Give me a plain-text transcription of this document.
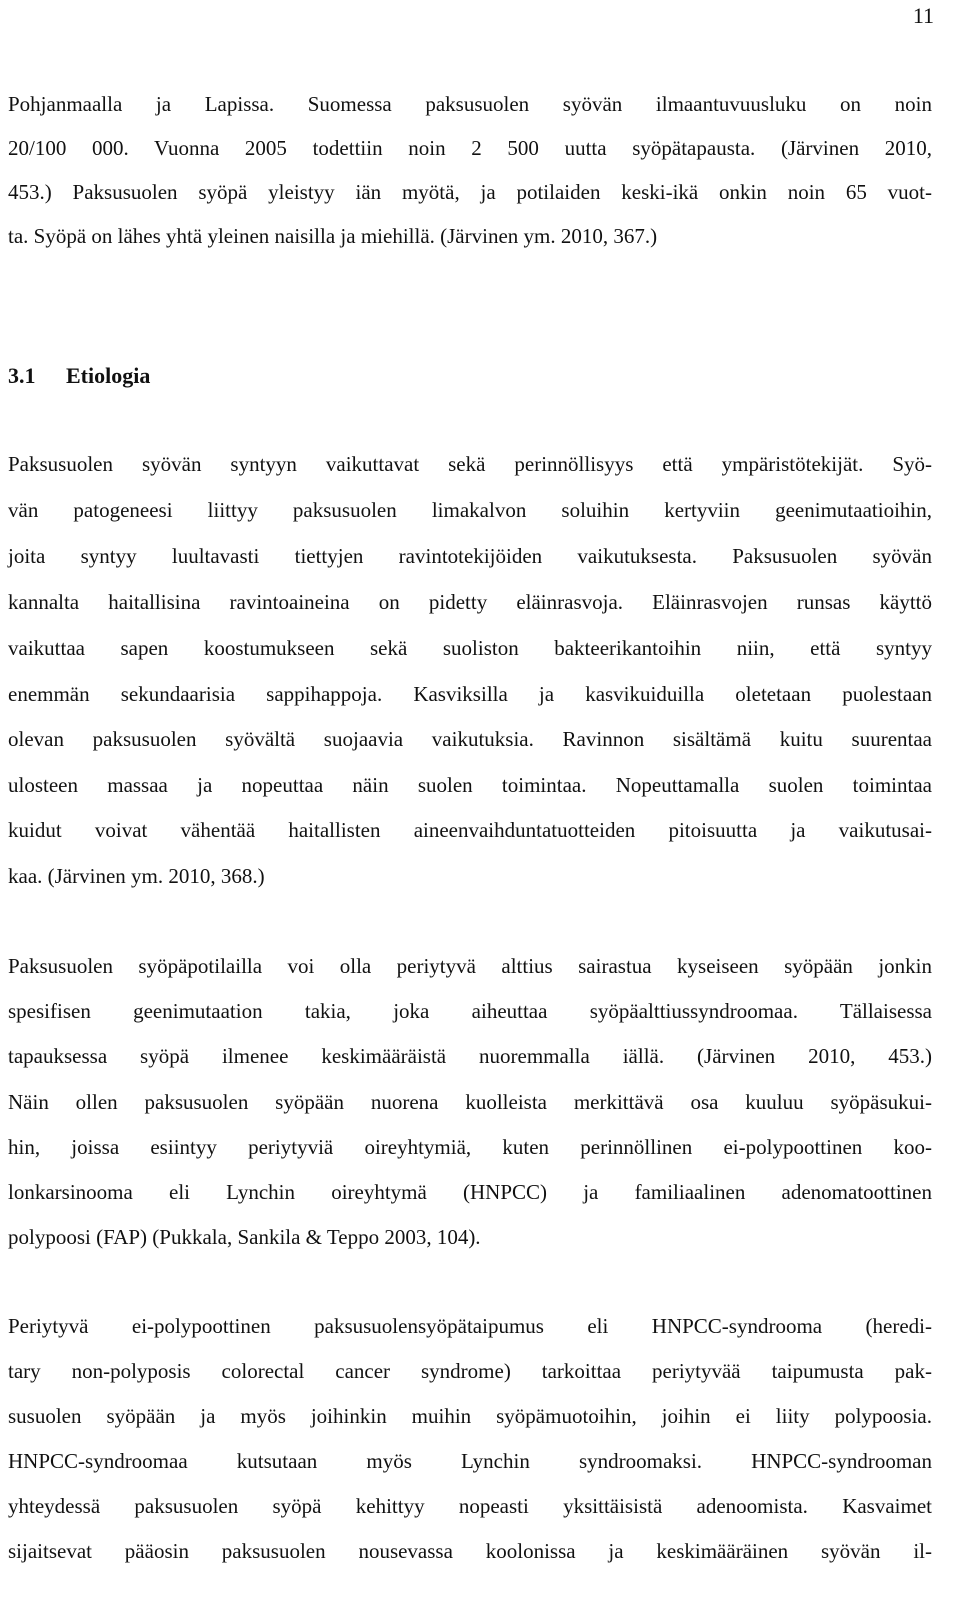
11
Pohjanmaalla ja Lapissa. Suomessa paksusuolen syövän ilmaantuvuusluku on noin
20/100 000. Vuonna 2005 todettiin noin 2 500 uutta syöpätapausta. (Järvinen 2010,
453.) Paksusuolen syöpä yleistyy iän myötä, ja potilaiden keski-ikä onkin noin 65 vuot-
ta. Syöpä on lähes yhtä yleinen naisilla ja miehillä. (Järvinen ym. 2010, 367.)
3.1 Etiologia
Paksusuolen syövän syntyyn vaikuttavat sekä perinnöllisyys että ympäristötekijät. Syö-
vän patogeneesi liittyy paksusuolen limakalvon soluihin kertyviin geenimutaatioihin,
joita syntyy luultavasti tiettyjen ravintotekijöiden vaikutuksesta. Paksusuolen syövän
kannalta haitallisina ravintoaineina on pidetty eläinrasvoja. Eläinrasvojen runsas käyttö
vaikuttaa sapen koostumukseen sekä suoliston bakteerikantoihin niin, että syntyy
enemmän sekundaarisia sappihappoja. Kasviksilla ja kasvikuiduilla oletetaan puolestaan
olevan paksusuolen syövältä suojaavia vaikutuksia. Ravinnon sisältämä kuitu suurentaa
ulosteen massaa ja nopeuttaa näin suolen toimintaa. Nopeuttamalla suolen toimintaa
kuidut voivat vähentää haitallisten aineenvaihduntatuotteiden pitoisuutta ja vaikutusai-
kaa. (Järvinen ym. 2010, 368.)
Paksusuolen syöpäpotilailla voi olla periytyvä alttius sairastua kyseiseen syöpään jonkin
spesifisen geenimutaation takia, joka aiheuttaa syöpäalttiussyndroomaa. Tällaisessa
tapauksessa syöpä ilmenee keskimääräistä nuoremmalla iällä. (Järvinen 2010, 453.)
Näin ollen paksusuolen syöpään nuorena kuolleista merkittävä osa kuuluu syöpäsukui-
hin, joissa esiintyy periytyviä oireyhtymiä, kuten perinnöllinen ei-polypoottinen koo-
lonkarsinooma eli Lynchin oireyhtymä (HNPCC) ja familiaalinen adenomatoottinen
polypoosi (FAP) (Pukkala, Sankila & Teppo 2003, 104).
Periytyvä ei-polypoottinen paksusuolensyöpätaipumus eli HNPCC-syndrooma (heredi-
tary non-polyposis colorectal cancer syndrome) tarkoittaa periytyvää taipumusta pak-
susuolen syöpään ja myös joihinkin muihin syöpämuotoihin, joihin ei liity polypoosia.
HNPCC-syndroomaa kutsutaan myös Lynchin syndroomaksi. HNPCC-syndrooman
yhteydessä paksusuolen syöpä kehittyy nopeasti yksittäisistä adenoomista. Kasvaimet
sijaitsevat pääosin paksusuolen nousevassa koolonissa ja keskimääräinen syövän il-
